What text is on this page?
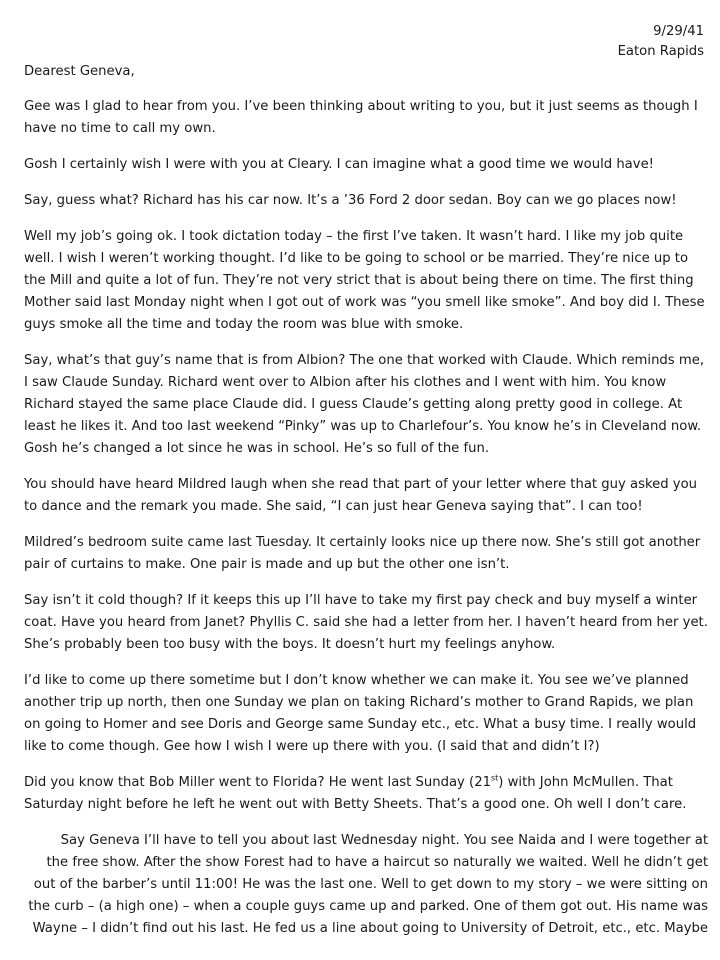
9/29/41
Eaton Rapids
Dearest Geneva,

Gee was I glad to hear from you. I’ve been thinking about writing to you, but it just seems as though I have no time to call my own.

Gosh I certainly wish I were with you at Cleary. I can imagine what a good time we would have!

Say, guess what? Richard has his car now. It’s a ’36 Ford 2 door sedan. Boy can we go places now!

Well my job’s going ok. I took dictation today – the first I’ve taken. It wasn’t hard. I like my job quite well. I wish I weren’t working thought. I’d like to be going to school or be married. They’re nice up to the Mill and quite a lot of fun. They’re not very strict that is about being there on time. The first thing Mother said last Monday night when I got out of work was “you smell like smoke”. And boy did I. These guys smoke all the time and today the room was blue with smoke.

Say, what’s that guy’s name that is from Albion? The one that worked with Claude. Which reminds me, I saw Claude Sunday. Richard went over to Albion after his clothes and I went with him. You know Richard stayed the same place Claude did. I guess Claude’s getting along pretty good in college. At least he likes it. And too last weekend “Pinky” was up to Charlefour’s. You know he’s in Cleveland now. Gosh he’s changed a lot since he was in school. He’s so full of the fun.

You should have heard Mildred laugh when she read that part of your letter where that guy asked you to dance and the remark you made. She said, “I can just hear Geneva saying that”. I can too!

Mildred’s bedroom suite came last Tuesday. It certainly looks nice up there now. She’s still got another pair of curtains to make. One pair is made and up but the other one isn’t.

Say isn’t it cold though? If it keeps this up I’ll have to take my first pay check and buy myself a winter coat. Have you heard from Janet? Phyllis C. said she had a letter from her. I haven’t heard from her yet. She’s probably been too busy with the boys. It doesn’t hurt my feelings anyhow.

I’d like to come up there sometime but I don’t know whether we can make it. You see we’ve planned another trip up north, then one Sunday we plan on taking Richard’s mother to Grand Rapids, we plan on going to Homer and see Doris and George same Sunday etc., etc. What a busy time. I really would like to come though. Gee how I wish I were up there with you. (I said that and didn’t I?)

Did you know that Bob Miller went to Florida? He went last Sunday (21st) with John McMullen. That Saturday night before he left he went out with Betty Sheets. That’s a good one. Oh well I don’t care.

Say Geneva I’ll have to tell you about last Wednesday night. You see Naida and I were together at the free show. After the show Forest had to have a haircut so naturally we waited. Well he didn’t get out of the barber’s until 11:00! He was the last one. Well to get down to my story – we were sitting on the curb – (a high one) – when a couple guys came up and parked. One of them got out. His name was Wayne – I didn’t find out his last. He fed us a line about going to University of Detroit, etc., etc. Maybe
